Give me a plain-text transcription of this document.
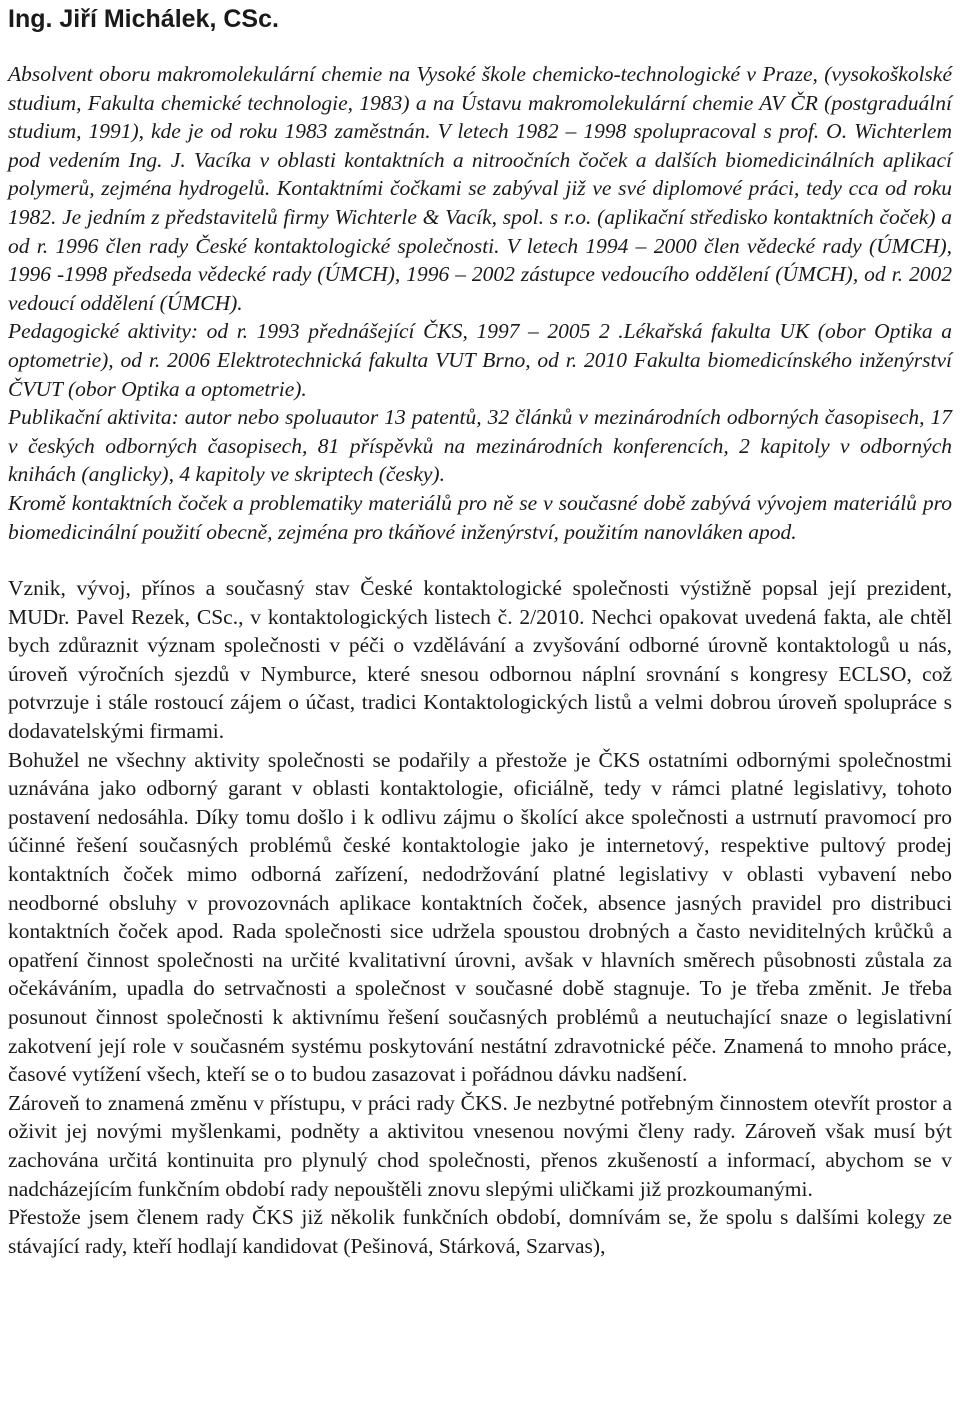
Ing. Jiří Michálek, CSc.

Absolvent oboru makromolekulární chemie na Vysoké škole chemicko-technologické v Praze, (vysokoškolské studium, Fakulta chemické technologie, 1983) a na Ústavu makromolekulární chemie AV ČR (postgraduální studium, 1991), kde je od roku 1983 zaměstnán. V letech 1982 – 1998 spolupracoval s prof. O. Wichterlem pod vedením Ing. J. Vacíka v oblasti kontaktních a nitroočních čoček a dalších biomedicinálních aplikací polymerů, zejména hydrogelů. Kontaktními čočkami se zabýval již ve své diplomové práci, tedy cca od roku 1982. Je jedním z představitelů firmy Wichterle & Vacík, spol. s r.o. (aplikační středisko kontaktních čoček) a od r. 1996 člen rady České kontaktologické společnosti. V letech 1994 – 2000 člen vědecké rady (ÚMCH), 1996 -1998 předseda vědecké rady (ÚMCH), 1996 – 2002 zástupce vedoucího oddělení (ÚMCH), od r. 2002 vedoucí oddělení (ÚMCH).

Pedagogické aktivity: od r. 1993 přednášející ČKS, 1997 – 2005 2 .Lékařská fakulta UK (obor Optika a optometrie), od r. 2006 Elektrotechnická fakulta VUT Brno, od r. 2010 Fakulta biomedicínského inženýrství ČVUT (obor Optika a optometrie).

Publikační aktivita: autor nebo spoluautor 13 patentů, 32 článků v mezinárodních odborných časopisech, 17 v českých odborných časopisech, 81 příspěvků na mezinárodních konferencích, 2 kapitoly v odborných knihách (anglicky), 4 kapitoly ve skriptech (česky).

Kromě kontaktních čoček a problematiky materiálů pro ně se v současné době zabývá vývojem materiálů pro biomedicinální použití obecně, zejména pro tkáňové inženýrství, použitím nanovláken apod.

Vznik, vývoj, přínos a současný stav České kontaktologické společnosti výstižně popsal její prezident, MUDr. Pavel Rezek, CSc., v kontaktologických listech č. 2/2010. Nechci opakovat uvedená fakta, ale chtěl bych zdůraznit význam společnosti v péči o vzdělávání a zvyšování odborné úrovně kontaktologů u nás, úroveň výročních sjezdů v Nymburce, které snesou odbornou náplní srovnání s kongresy ECLSO, což potvrzuje i stále rostoucí zájem o účast, tradici Kontaktologických listů a velmi dobrou úroveň spolupráce s dodavatelskými firmami.

Bohužel ne všechny aktivity společnosti se podařily a přestože je ČKS ostatními odbornými společnostmi uznávána jako odborný garant v oblasti kontaktologie, oficiálně, tedy v rámci platné legislativy, tohoto postavení nedosáhla. Díky tomu došlo i k odlivu zájmu o školící akce společnosti a ustrnutí pravomocí pro účinné řešení současných problémů české kontaktologie jako je internetový, respektive pultový prodej kontaktních čoček mimo odborná zařízení, nedodržování platné legislativy v oblasti vybavení nebo neodborné obsluhy v provozovnách aplikace kontaktních čoček, absence jasných pravidel pro distribuci kontaktních čoček apod. Rada společnosti sice udržela spoustou drobných a často neviditelných krůčků a opatření činnost společnosti na určité kvalitativní úrovni, avšak v hlavních směrech působnosti zůstala za očekáváním, upadla do setrvačnosti a společnost v současné době stagnuje. To je třeba změnit. Je třeba posunout činnost společnosti k aktivnímu řešení současných problémů a neutuchající snaze o legislativní zakotvení její role v současném systému poskytování nestátní zdravotnické péče. Znamená to mnoho práce, časové vytížení všech, kteří se o to budou zasazovat i pořádnou dávku nadšení.

Zároveň to znamená změnu v přístupu, v práci rady ČKS. Je nezbytné potřebným činnostem otevřít prostor a oživit jej novými myšlenkami, podněty a aktivitou vnesenou novými členy rady. Zároveň však musí být zachována určitá kontinuita pro plynulý chod společnosti, přenos zkušeností a informací, abychom se v nadcházejícím funkčním období rady nepouštěli znovu slepými uličkami již prozkoumanými.

Přestože jsem členem rady ČKS již několik funkčních období, domnívám se, že spolu s dalšími kolegy ze stávající rady, kteří hodlají kandidovat (Pešinová, Stárková, Szarvas),
